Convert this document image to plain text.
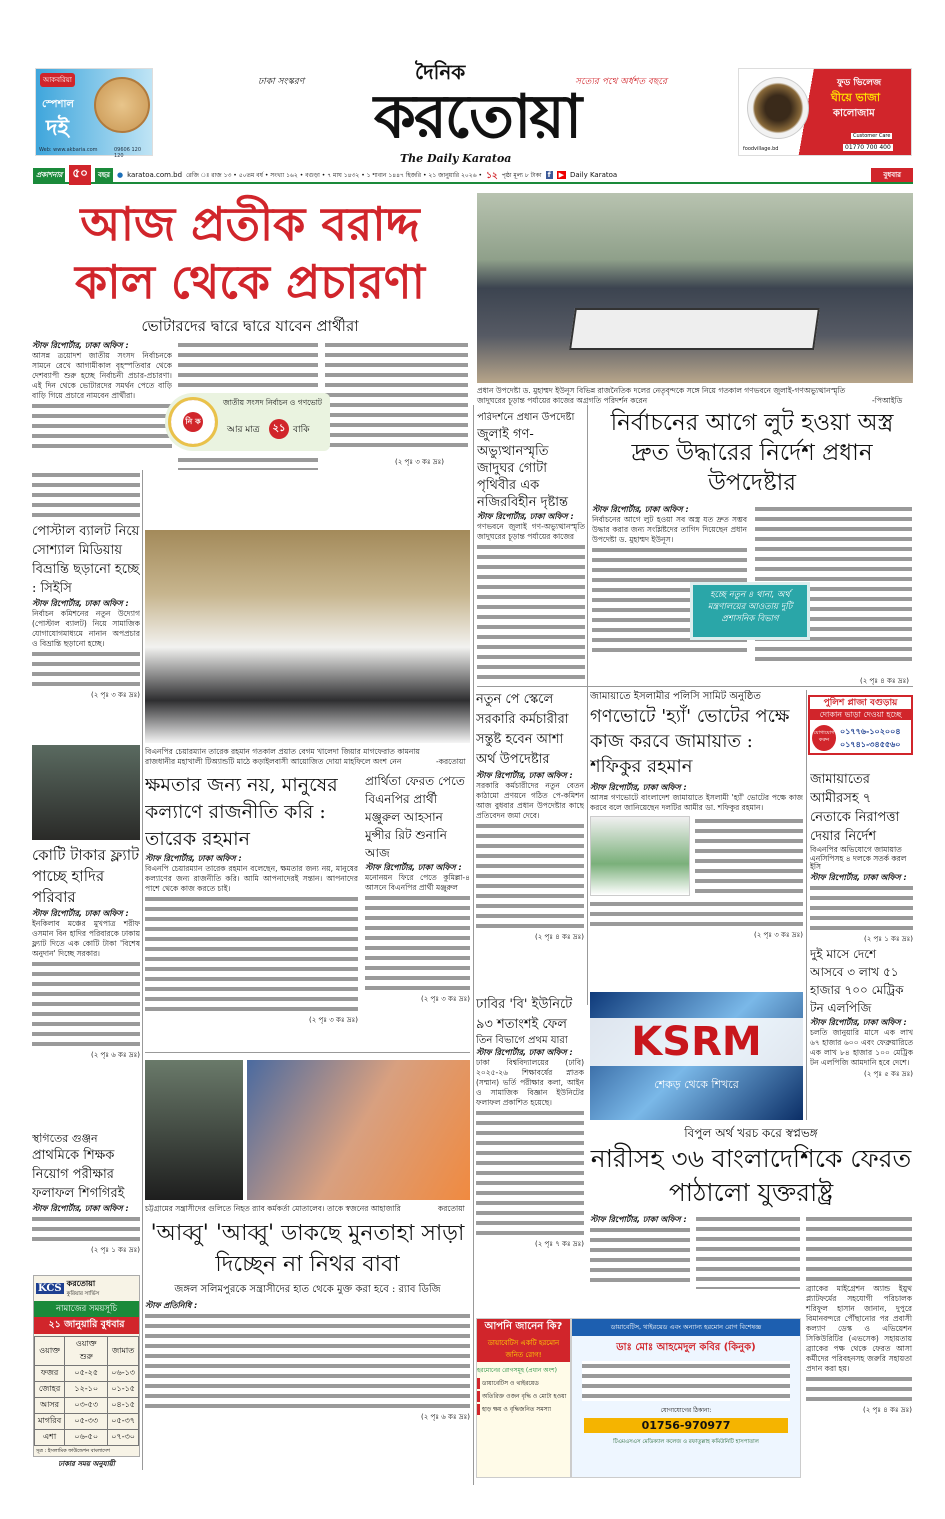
আকবরিয়া
স্পেশাল
দই
Web: www.akbaria.com	09606 120 120
ঢাকা সংস্করণ	দৈনিক	সত্যের পথে অর্ধশত বছরে
করতোয়া
The Daily Karatoa
ফুড ভিলেজ
ঘীয়ে ভাজা
কালোজাম
foodvillage.bd
Customer Care
01770 700 400
প্রকাশনার ৫০	বছর	● karatoa.com.bd রেজি ঃ রাজ ১৩ • ৫০তম বর্ষ • সংখ্যা ১৬২ • বগুড়া • ৭ মাঘ ১৪৩২ • ১ শাবান ১৪৪৭ হিজরি • ২১ জানুয়ারি ২০২৬ • ১২ পৃষ্ঠা মূল্য ৮ টাকা f ▶ Daily Karatoa	বুধবার
আজ প্রতীক বরাদ্দ
কাল থেকে প্রচারণা
ভোটারদের দ্বারে দ্বারে যাবেন প্রার্থীরা
স্টাফ রিপোর্টার, ঢাকা অফিস :
আসন্ন ত্রয়োদশ জাতীয় সংসদ নির্বাচনকে সামনে রেখে আগামীকাল বৃহস্পতিবার থেকে দেশব্যাপী শুরু হচ্ছে নির্বাচনী প্রচার-প্রচারণা। এই দিন থেকে ভোটারদের সমর্থন পেতে বাড়ি বাড়ি গিয়ে প্রচারে নামবেন প্রার্থীরা।
(২ পৃঃ ৩ কঃ দ্রঃ)
নি ক
জাতীয় সংসদ নির্বাচন ও গণভোট
আর মাত্র	২১ বাকি
প্রধান উপদেষ্টা ড. মুহাম্মদ ইউনূস বিভিন্ন রাজনৈতিক দলের নেতৃবৃন্দকে সঙ্গে নিয়ে গতকাল গণভবনে জুলাই-গণঅভ্যুত্থানস্মৃতি জাদুঘরের চূড়ান্ত পর্যায়ের কাজের অগ্রগতি পরিদর্শন করেন	-পিআইডি
পরিদর্শনে প্রধান উপদেষ্টা
জুলাই গণ-অভ্যুত্থানস্মৃতি জাদুঘর গোটা পৃথিবীর এক নজিরবিহীন দৃষ্টান্ত
স্টাফ রিপোর্টার, ঢাকা অফিস :
গণভবনে জুলাই গণ-অভ্যুত্থানস্মৃতি জাদুঘরের চূড়ান্ত পর্যায়ের কাজের
নির্বাচনের আগে লুট হওয়া অস্ত্র দ্রুত উদ্ধারের নির্দেশ প্রধান উপদেষ্টার
স্টাফ রিপোর্টার, ঢাকা অফিস :
নির্বাচনের আগে লুট হওয়া সব অস্ত্র যত দ্রুত সম্ভব উদ্ধার করার জন্য সংশ্লিষ্টদের তাগিদ দিয়েছেন প্রধান উপদেষ্টা ড. মুহাম্মদ ইউনূস।
হচ্ছে নতুন ৪ থানা, অর্থ মন্ত্রণালয়ের আওতায় দুটি প্রশাসনিক বিভাগ
(২ পৃঃ ৪ কঃ দ্রঃ)
পোস্টাল ব্যালট নিয়ে সোশ্যাল মিডিয়ায় বিভ্রান্তি ছড়ানো হচ্ছে : সিইসি
স্টাফ রিপোর্টার, ঢাকা অফিস :
নির্বাচন কমিশনের নতুন উদ্যোগ (পোস্টাল ব্যালট) নিয়ে সামাজিক যোগাযোগমাধ্যমে নানান অপপ্রচার ও বিভ্রান্তি ছড়ানো হচ্ছে।
(২ পৃঃ ৩ কঃ দ্রঃ)
কোটি টাকার ফ্ল্যাট পাচ্ছে হাদির পরিবার
স্টাফ রিপোর্টার, ঢাকা অফিস :
ইনকিলাব মঞ্চের মুখপাত্র শরীফ ওসমান বিন হাদির পরিবারকে ঢাকায় ফ্ল্যাট দিতে এক কোটি টাকা 'বিশেষ অনুদান' দিচ্ছে সরকার।
(২ পৃঃ ৬ কঃ দ্রঃ)
স্থগিতের গুঞ্জন
প্রাথমিকে শিক্ষক নিয়োগ পরীক্ষার ফলাফল শিগগিরই
স্টাফ রিপোর্টার, ঢাকা অফিস :
(২ পৃঃ ১ কঃ দ্রঃ)
KCS করতোয়া
কুরিয়ার সার্ভিস
নামাজের সময়সূচি
২১ জানুয়ারি বুধবার
ওয়াক্ত	ওয়াক্ত শুরু	জামাত
ফজর	০৫-২৫	০৬-১৩
জোহর	১২-১০	০১-১৫
আসর	০৩-৫৩	০৪-১৫
মাগরিব	০৫-৩৩	০৫-৩৭
এশা	০৬-৫০	০৭-৩০
সূত্র : ইসলামিক ফাউন্ডেশন বাংলাদেশ
ঢাকার সময় অনুযায়ী
বিএনপির চেয়ারম্যান তারেক রহমান গতকাল প্রয়াত বেগম খালেদা জিয়ার মাগফেরাত কামনায় রাজধানীর মহাখালী টিঅ্যান্ডটি মাঠে কড়াইলবাসী আয়োজিত দোয়া মাহফিলে অংশ নেন	-করতোয়া
ক্ষমতার জন্য নয়, মানুষের কল্যাণে রাজনীতি করি : তারেক রহমান
স্টাফ রিপোর্টার, ঢাকা অফিস :
বিএনপি চেয়ারম্যান তারেক রহমান বলেছেন, ক্ষমতার জন্য নয়, মানুষের কল্যাণের জন্য রাজনীতি করি। আমি আপনাদেরই সন্তান। আপনাদের পাশে থেকে কাজ করতে চাই।
(২ পৃঃ ৩ কঃ দ্রঃ)
প্রার্থিতা ফেরত পেতে বিএনপির প্রার্থী মঞ্জুরুল আহসান মুন্সীর রিট শুনানি আজ
স্টাফ রিপোর্টার, ঢাকা অফিস :
মনোনয়ন ফিরে পেতে কুমিল্লা-৪ আসনে বিএনপির প্রার্থী মঞ্জুরুল
(২ পৃঃ ৩ কঃ দ্রঃ)
চট্টগ্রামের সন্ত্রাসীদের গুলিতে নিহত র‍্যাব কর্মকর্তা মোতালেব। তাকে স্বজনের আহাজারি	করতোয়া
'আব্বু' 'আব্বু' ডাকছে মুনতাহা সাড়া দিচ্ছেন না নিথর বাবা
জঙ্গল সলিমপুরকে সন্ত্রাসীদের হাত থেকে মুক্ত করা হবে : র‍্যাব ডিজি
স্টাফ প্রতিনিধি :
(২ পৃঃ ৬ কঃ দ্রঃ)
নতুন পে স্কেলে সরকারি কর্মচারীরা সন্তুষ্ট হবেন আশা অর্থ উপদেষ্টার
স্টাফ রিপোর্টার, ঢাকা অফিস :
সরকারি কর্মচারীদের নতুন বেতন কাঠামো প্রণয়নে গঠিত পে-কমিশন আজ বুধবার প্রধান উপদেষ্টার কাছে প্রতিবেদন জমা দেবে।
(২ পৃঃ ৪ কঃ দ্রঃ)
ঢাবির 'বি' ইউনিটে ৯৩ শতাংশই ফেল
তিন বিভাগে প্রথম যারা
স্টাফ রিপোর্টার, ঢাকা অফিস :
ঢাকা বিশ্ববিদ্যালয়ের (ঢাবি) ২০২৫-২৬ শিক্ষাবর্ষের স্নাতক (সম্মান) ভর্তি পরীক্ষার কলা, আইন ও সামাজিক বিজ্ঞান ইউনিটের ফলাফল প্রকাশিত হয়েছে।
(২ পৃঃ ৭ কঃ দ্রঃ)
জামায়াতে ইসলামীর পলিসি সামিট অনুষ্ঠিত
গণভোটে 'হ্যাঁ' ভোটের পক্ষে কাজ করবে জামায়াত : শফিকুর রহমান
স্টাফ রিপোর্টার, ঢাকা অফিস :
আসন্ন গণভোটে বাংলাদেশ জামায়াতে ইসলামী 'হ্যাঁ' ভোটের পক্ষে কাজ করবে বলে জানিয়েছেন দলটির আমীর ডা. শফিকুর রহমান।
(২ পৃঃ ৩ কঃ দ্রঃ)
পুলিশ প্লাজা বগুড়ায়
দোকান ভাড়া দেওয়া হচ্ছে
যোগাযোগ করুন
০১৭৭৬-১০২০০৪
০১৭৪১-৩৪৫৫৬০
জামায়াতের আমীরসহ ৭ নেতাকে নিরাপত্তা দেয়ার নির্দেশ
বিএনপির অভিযোগে জামায়াত এনসিপিসহ ৪ দলকে সতর্ক করল ইসি
স্টাফ রিপোর্টার, ঢাকা অফিস :
(২ পৃঃ ১ কঃ দ্রঃ)
দুই মাসে দেশে আসবে ৩ লাখ ৫১ হাজার ৭০০ মেট্রিক টন এলপিজি
স্টাফ রিপোর্টার, ঢাকা অফিস :
চলতি জানুয়ারি মাসে এক লাখ ৬৭ হাজার ৬০০ এবং ফেব্রুয়ারিতে এক লাখ ৮৪ হাজার ১০০ মেট্রিক টন এলপিজি আমদানি হবে দেশে।
(২ পৃঃ ৫ কঃ দ্রঃ)
KSRM
শেকড় থেকে শিখরে
বিপুল অর্থ খরচ করে স্বপ্নভঙ্গ
নারীসহ ৩৬ বাংলাদেশিকে ফেরত পাঠালো যুক্তরাষ্ট্র
স্টাফ রিপোর্টার, ঢাকা অফিস :
ব্র্যাকের মাইগ্রেশন অ্যান্ড ইয়ুথ প্ল্যাটফর্মের সহযোগী পরিচালক শরিফুল হাসান জানান, দুপুরে বিমানবন্দরে পৌঁছানোর পর প্রবাসী কল্যাণ ডেস্ক ও এভিয়েশন সিকিউরিটির (এভসেক) সহায়তায় ব্র্যাকের পক্ষ থেকে ফেরত আসা কর্মীদের পরিবহনসহ জরুরি সহায়তা প্রদান করা হয়।
(২ পৃঃ ৪ কঃ দ্রঃ)
আপনি জানেন কি?
ডায়াবেটিস একটি হরমোন জনিত রোগ!
হরমোনের রোগসমূহ (প্রধান অংশ)
ডায়াবেটিস ও থাইরয়েড
অতিরিক্ত ওজন বৃদ্ধি ও মোটা হওয়া
হাড় ক্ষয় ও বৃদ্ধিজনিত সমস্যা
ডায়াবেটিস, থাইরয়েড এবং অন্যান্য হরমোন রোগ বিশেষজ্ঞ
ডাঃ মোঃ আহমেদুল কবির (কিনুক)
যোগাযোগের ঠিকানা:
01756-970977
টিএমএসএস মেডিক্যাল কলেজ ও রফাতুল্লাহ কমিউনিটি হাসপাতাল
